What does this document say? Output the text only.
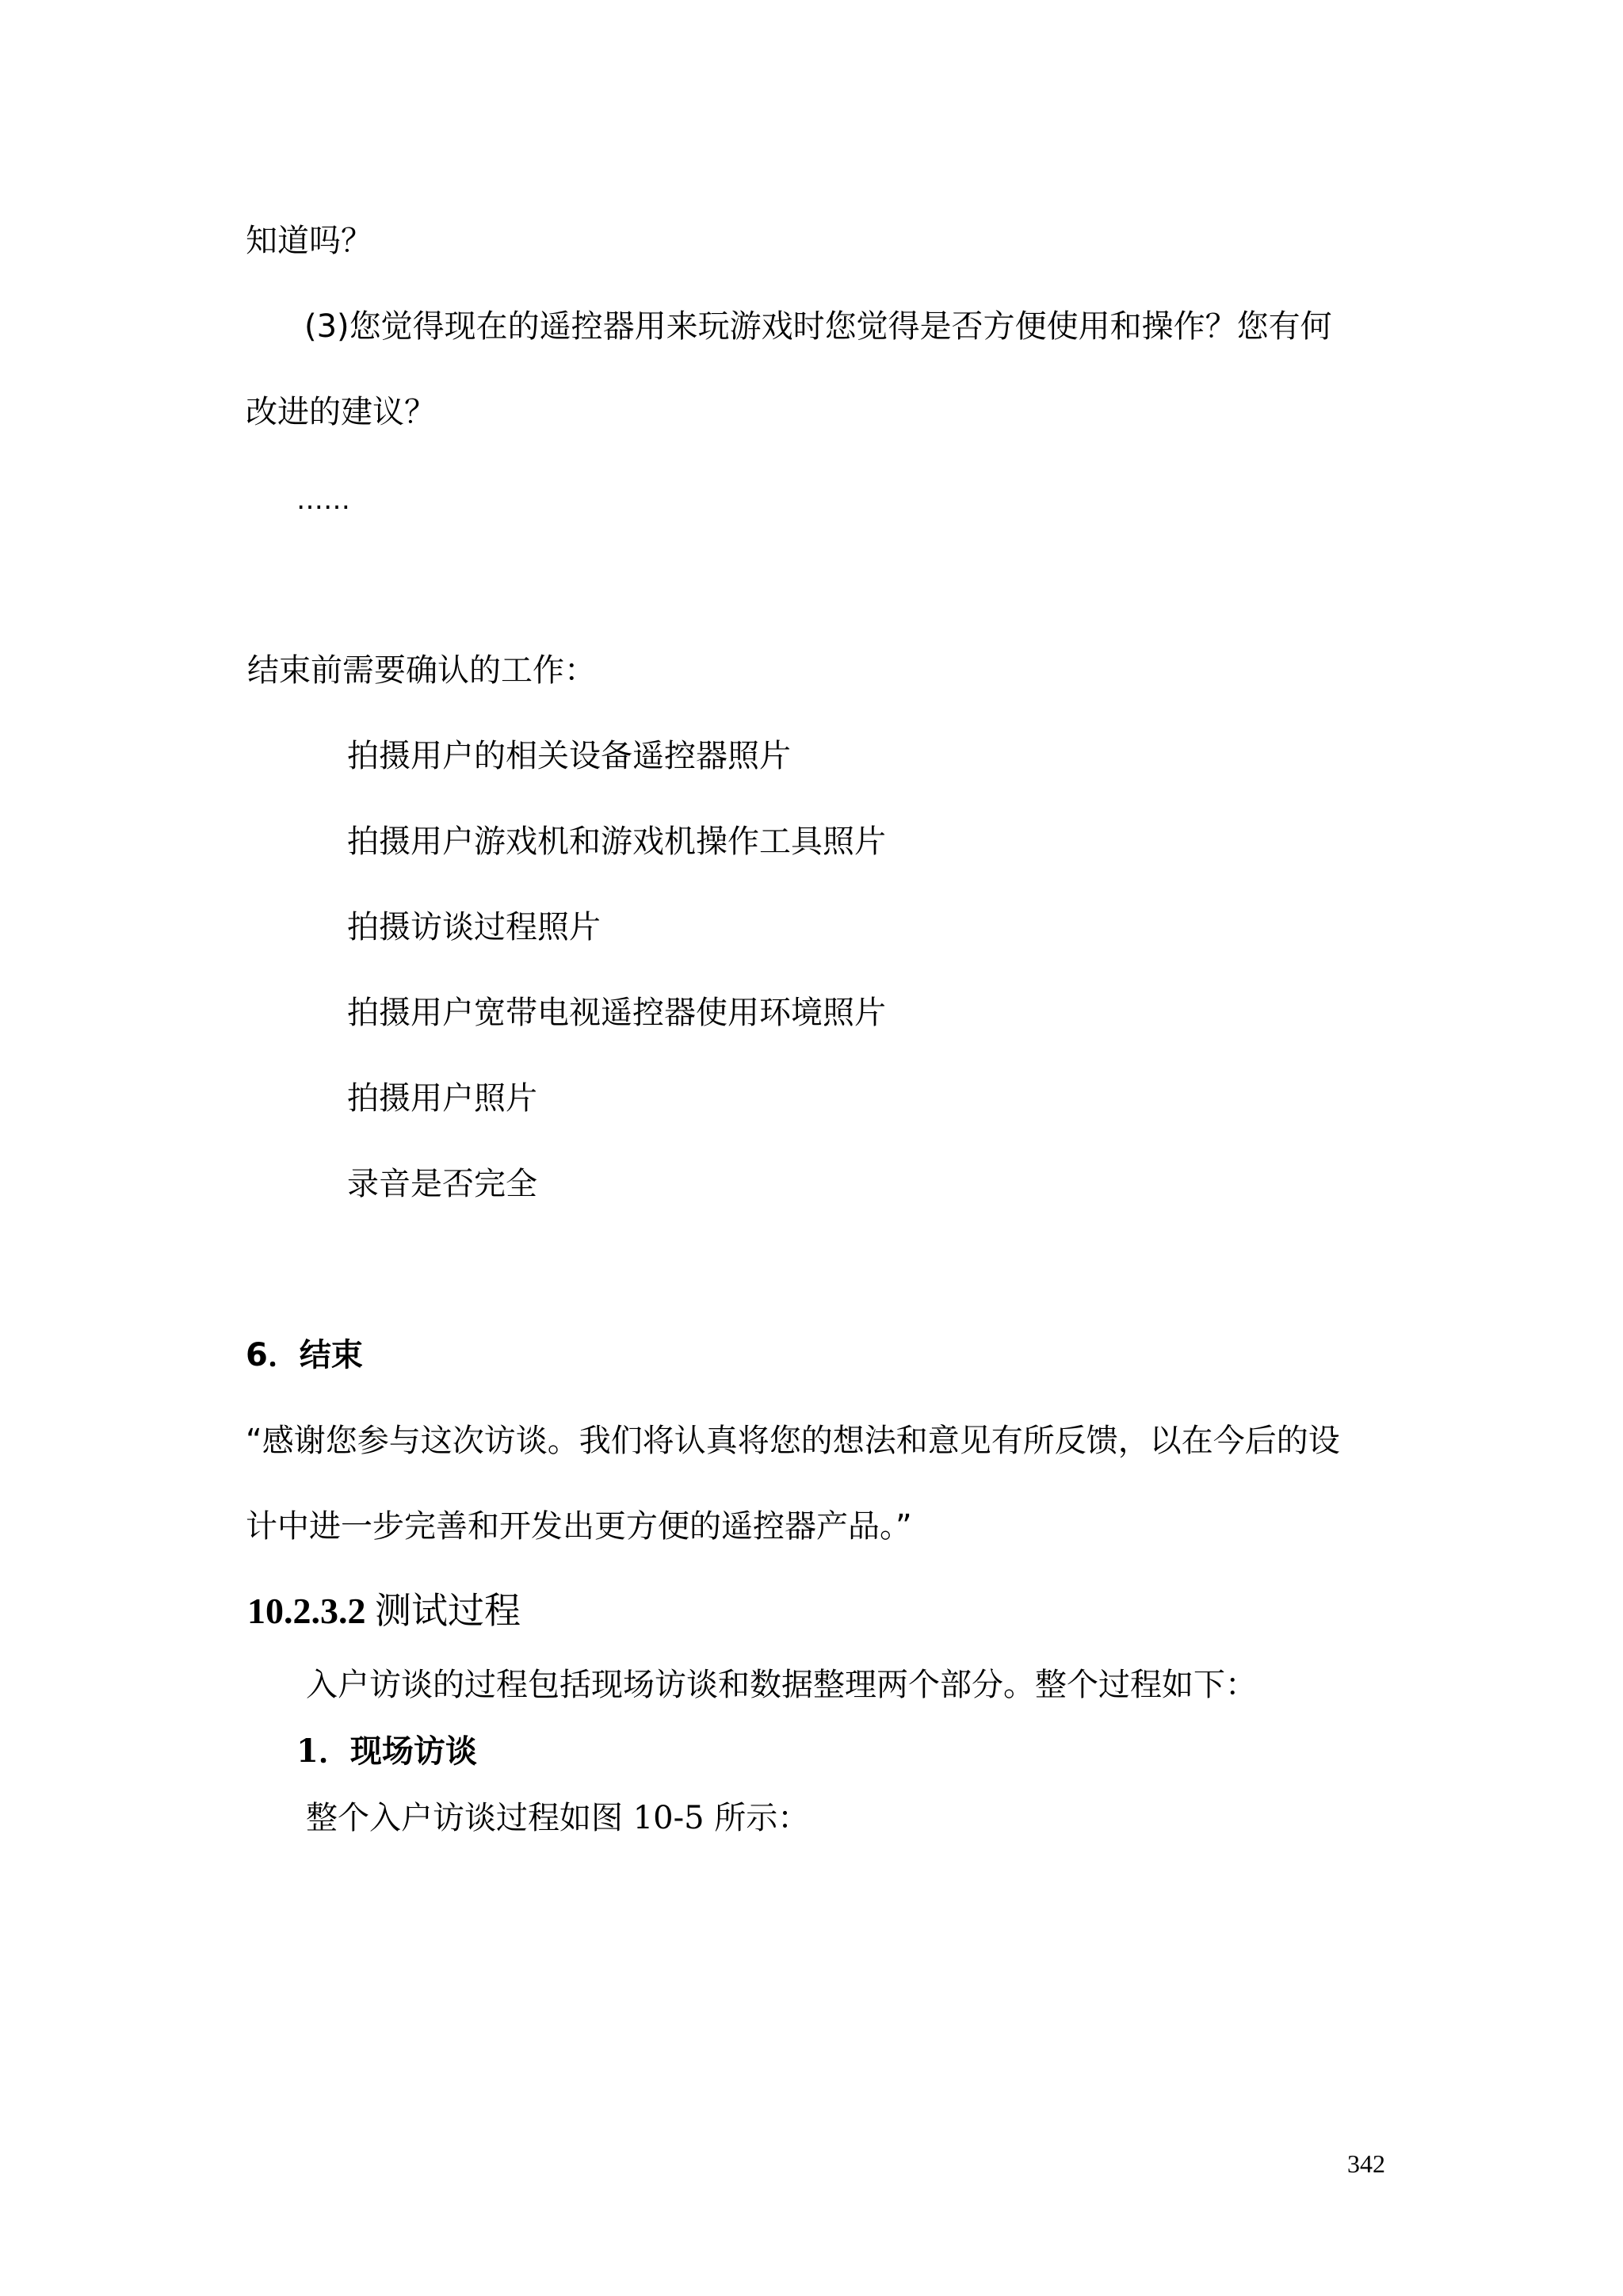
知道吗？
(3)您觉得现在的遥控器用来玩游戏时您觉得是否方便使用和操作？您有何
改进的建议？
……
结束前需要确认的工作：
拍摄用户的相关设备遥控器照片
拍摄用户游戏机和游戏机操作工具照片
拍摄访谈过程照片
拍摄用户宽带电视遥控器使用环境照片
拍摄用户照片
录音是否完全
6．结束
“感谢您参与这次访谈。我们将认真将您的想法和意见有所反馈，以在今后的设
计中进一步完善和开发出更方便的遥控器产品。”
10.2.3.2 测试过程
入户访谈的过程包括现场访谈和数据整理两个部分。整个过程如下：
1．现场访谈
整个入户访谈过程如图 10-5 所示：
342
